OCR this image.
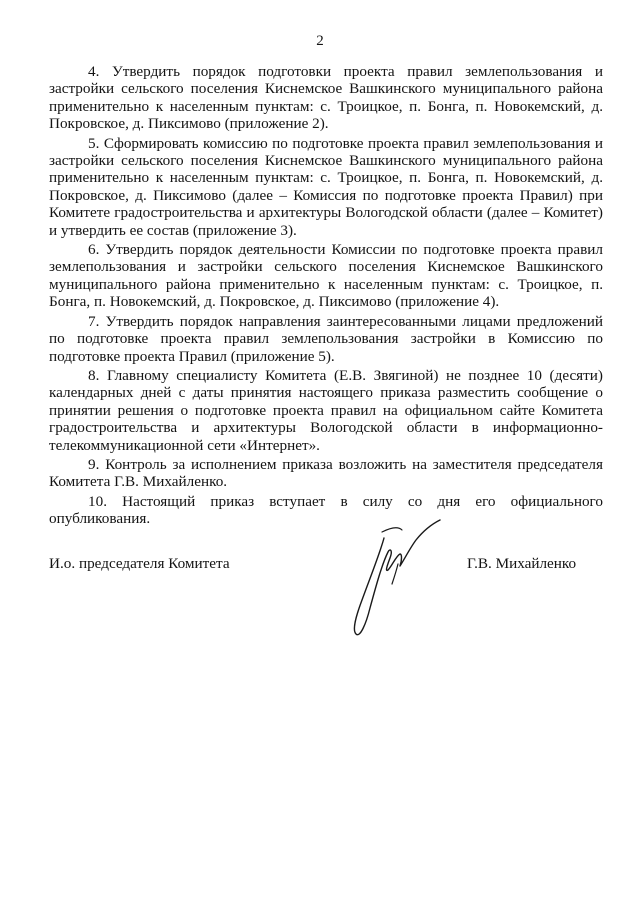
2

4. Утвердить порядок подготовки проекта правил землепользования и застройки сельского поселения Киснемское Вашкинского муниципального района применительно к населенным пунктам: с. Троицкое, п. Бонга, п. Новокемский, д. Покровское, д. Пиксимово (приложение 2).

5. Сформировать комиссию по подготовке проекта правил землепользования и застройки сельского поселения Киснемское Вашкинского муниципального района применительно к населенным пунктам: с. Троицкое, п. Бонга, п. Новокемский, д. Покровское, д. Пиксимово (далее – Комиссия по подготовке проекта Правил) при Комитете градостроительства и архитектуры Вологодской области (далее – Комитет) и утвердить ее состав (приложение 3).

6. Утвердить порядок деятельности Комиссии по подготовке проекта правил землепользования и застройки сельского поселения Киснемское Вашкинского муниципального района применительно к населенным пунктам: с. Троицкое, п. Бонга, п. Новокемский, д. Покровское, д. Пиксимово (приложение 4).

7. Утвердить порядок направления заинтересованными лицами предложений по подготовке проекта правил землепользования застройки в Комиссию по подготовке проекта Правил (приложение 5).

8. Главному специалисту Комитета (Е.В. Звягиной) не позднее 10 (десяти) календарных дней с даты принятия настоящего приказа разместить сообщение о принятии решения о подготовке проекта правил на официальном сайте Комитета градостроительства и архитектуры Вологодской области в информационно-телекоммуникационной сети «Интернет».

9. Контроль за исполнением приказа возложить на заместителя председателя Комитета Г.В. Михайленко.

10. Настоящий приказ вступает в силу со дня его официального опубликования.

И.о. председателя Комитета	Г.В. Михайленко
